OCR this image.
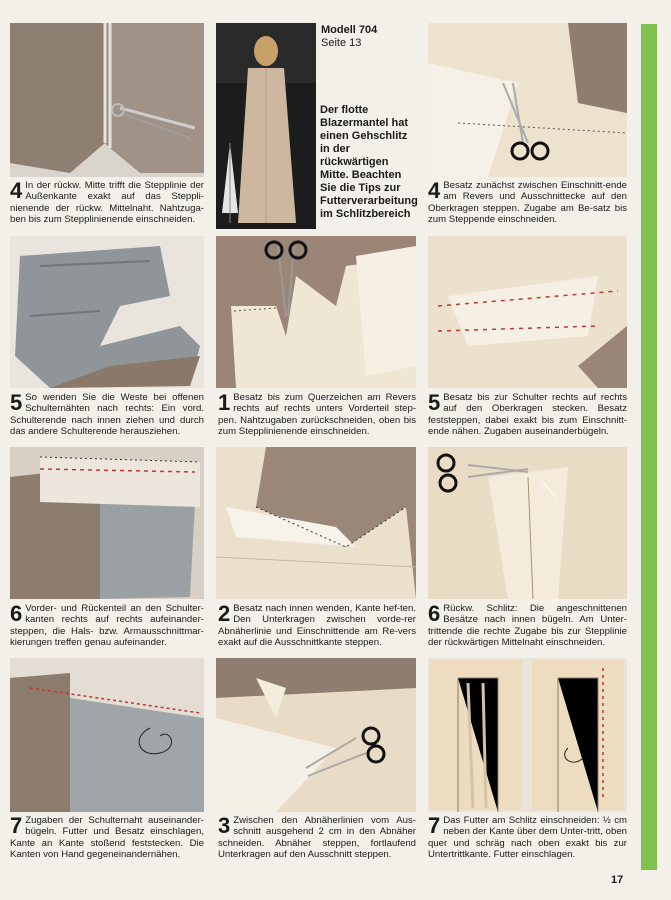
4 In der rückw. Mitte trifft die Stepplinie der Außenkante exakt auf das Steppli-nienende der rückw. Mittelnaht. Nahtzuga-ben bis zum Stepplinienende einschneiden.
5 So wenden Sie die Weste bei offenen Schulternähten nach rechts: Ein vord. Schulterende nach innen ziehen und durch das andere Schulterende herausziehen.
6 Vorder- und Rückenteil an den Schulter-kanten rechts auf rechts aufeinander-steppen, die Hals- bzw. Armausschnittmar-kierungen treffen genau aufeinander.
7 Zugaben der Schulternaht auseinander-bügeln. Futter und Besatz einschlagen, Kante an Kante stoßend feststecken. Die Kanten von Hand gegeneinandernähen.
Modell 704
Seite 13
Der flotte Blazermantel hat einen Gehschlitz in der rückwärtigen Mitte. Beachten Sie die Tips zur Futterverarbeitung im Schlitzbereich
1 Besatz bis zum Querzeichen am Revers rechts auf rechts unters Vorderteil step-pen. Nahtzugaben zurückschneiden, oben bis zum Stepplinienende einschneiden.
2 Besatz nach innen wenden, Kante hef-ten. Den Unterkragen zwischen vorde-rer Abnäherlinie und Einschnittende am Re-vers exakt auf die Ausschnittkante steppen.
3 Zwischen den Abnäherlinien vom Aus-schnitt ausgehend 2 cm in den Abnäher schneiden. Abnäher steppen, fortlaufend Unterkragen auf den Ausschnitt steppen.
4 Besatz zunächst zwischen Einschnitt-ende am Revers und Ausschnittecke auf den Oberkragen steppen. Zugabe am Be-satz bis zum Steppende einschneiden.
5 Besatz bis zur Schulter rechts auf rechts auf den Oberkragen stecken. Besatz feststeppen, dabei exakt bis zum Einschnitt-ende nähen. Zugaben auseinanderbügeln.
6 Rückw. Schlitz: Die angeschnittenen Besätze nach innen bügeln. Am Unter-trittende die rechte Zugabe bis zur Stepplinie der rückwärtigen Mittelnaht einschneiden.
7 Das Futter am Schlitz einschneiden: ½ cm neben der Kante über dem Unter-tritt, oben quer und schräg nach oben exakt bis zur Untertrittkante. Futter einschlagen.
17
